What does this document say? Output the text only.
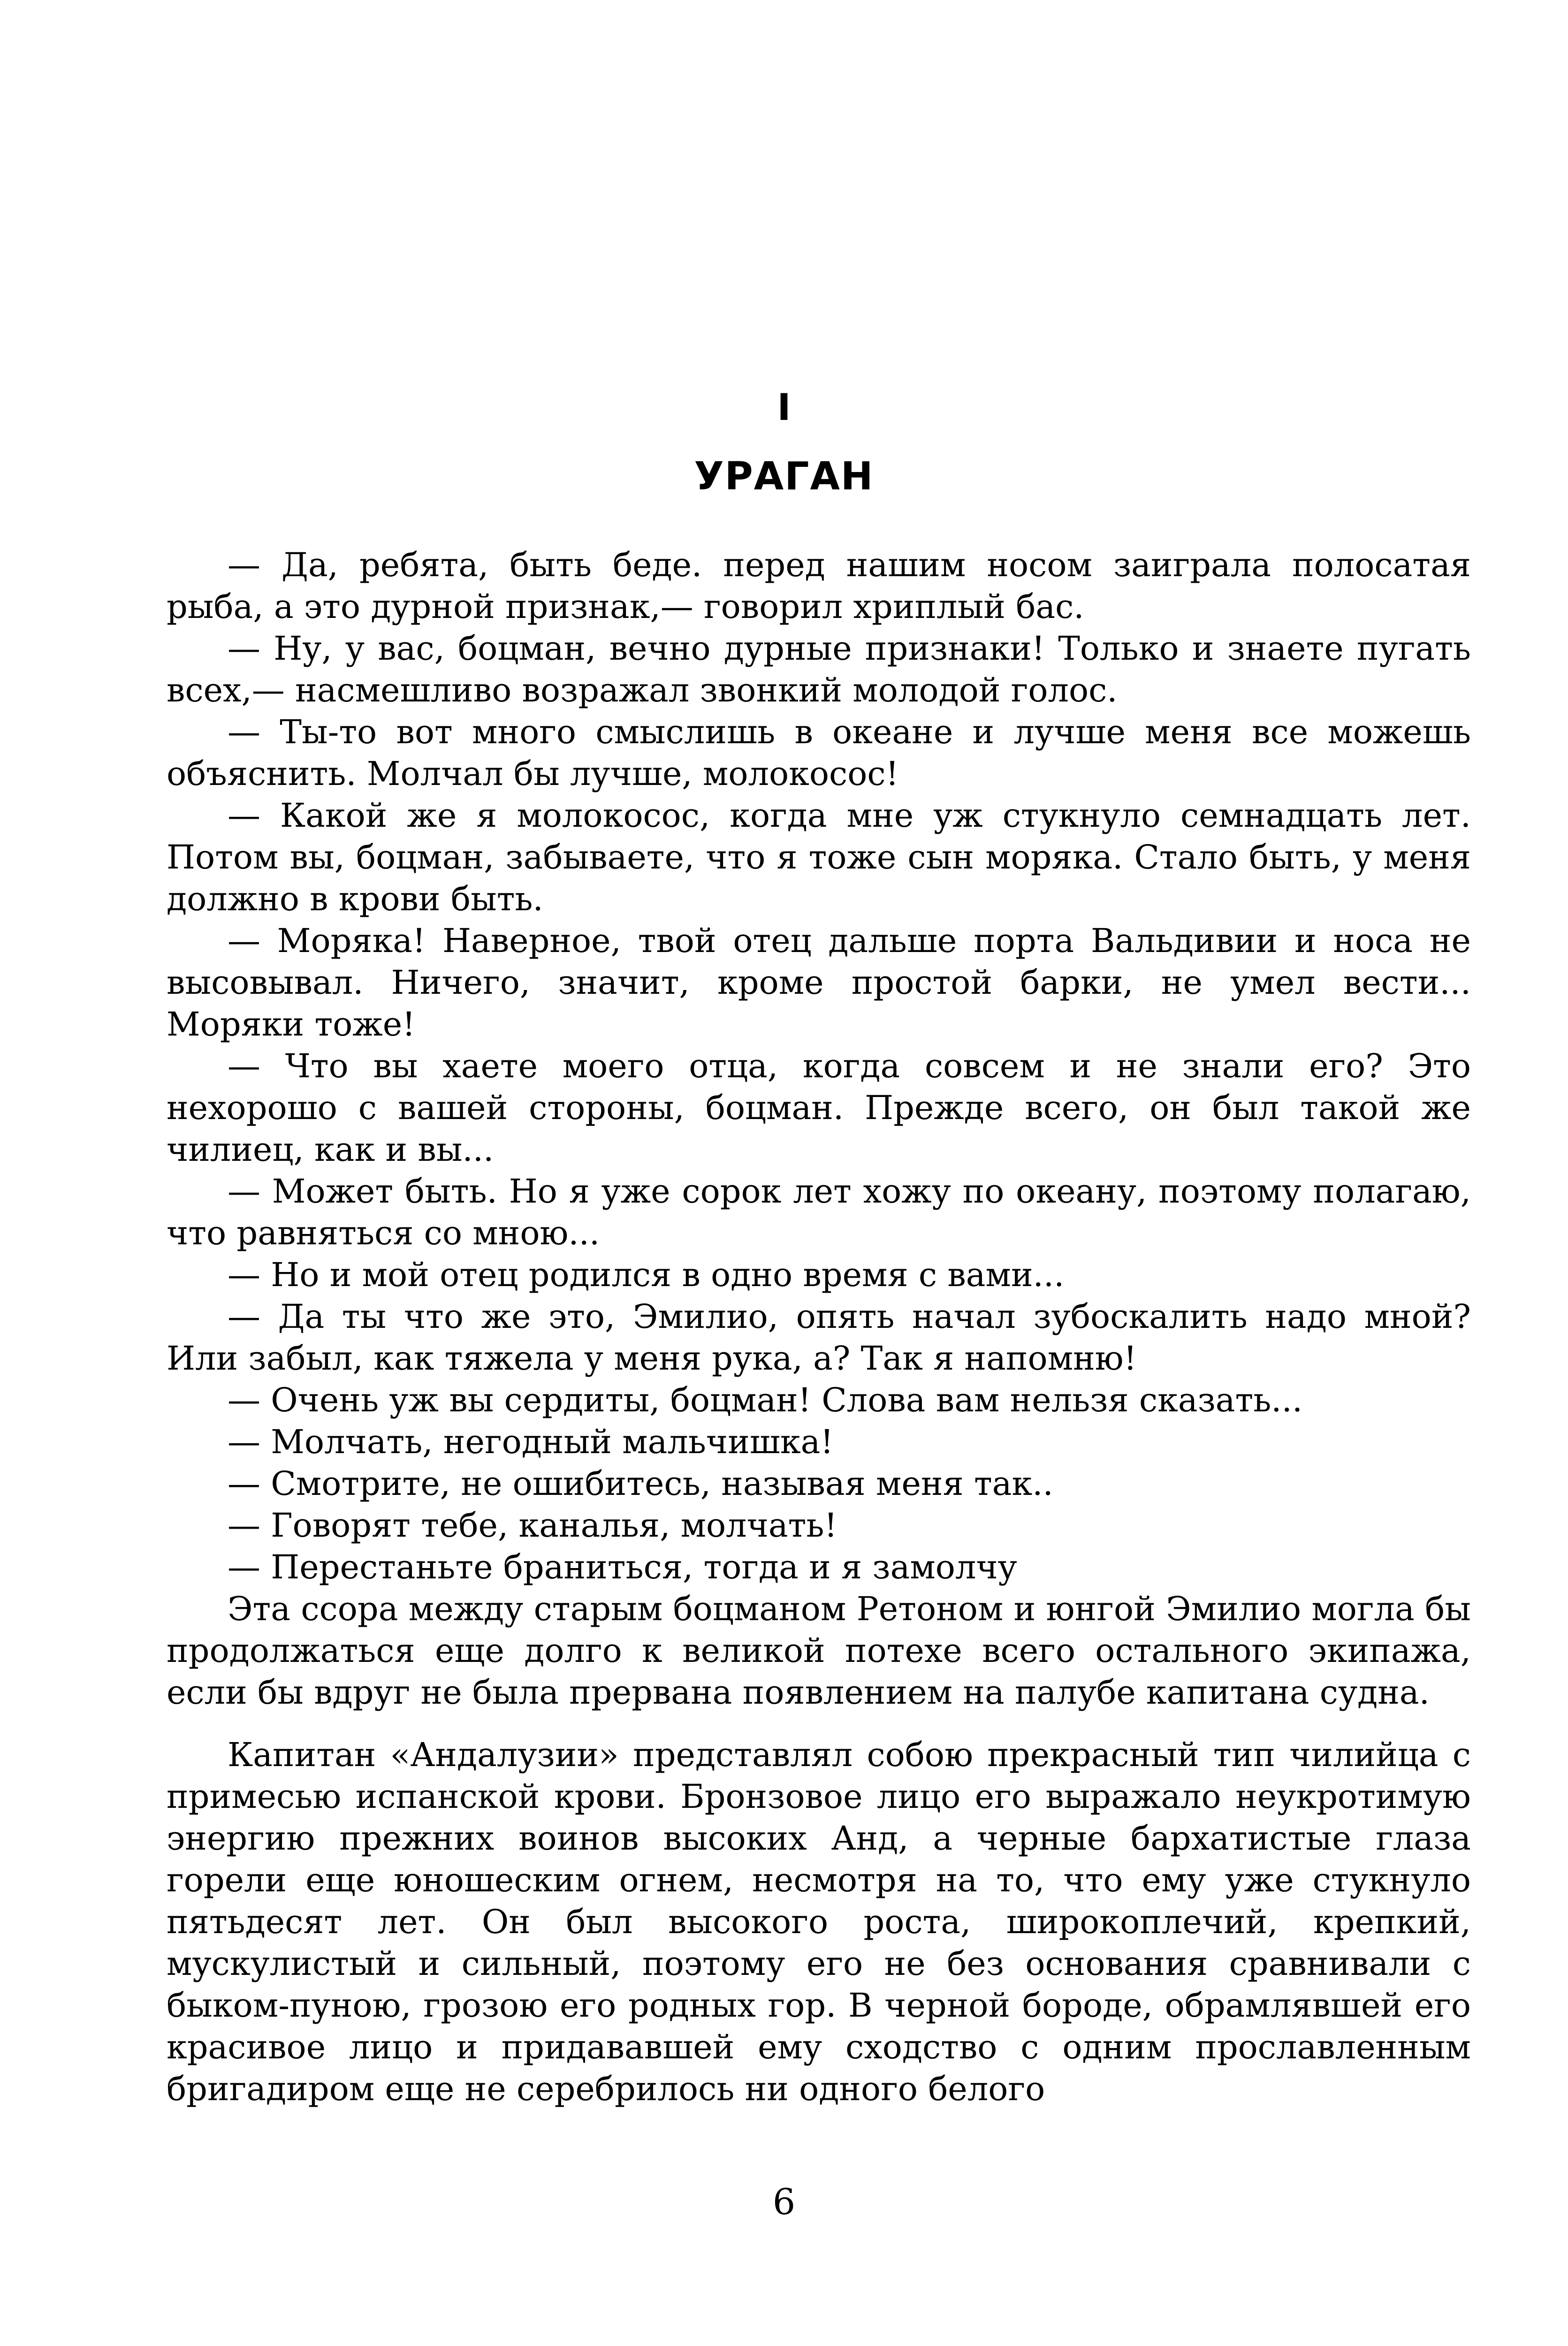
I
УРАГАН

— Да, ребята, быть беде. перед нашим носом заиграла полосатая рыба, а это дурной признак,— говорил хриплый бас.

— Ну, у вас, боцман, вечно дурные признаки! Только и знаете пугать всех,— насмешливо возражал звонкий молодой голос.

— Ты-то вот много смыслишь в океане и лучше меня все можешь объяснить. Молчал бы лучше, молокосос!

— Какой же я молокосос, когда мне уж стукнуло семнадцать лет. Потом вы, боцман, забываете, что я тоже сын моряка. Стало быть, у меня должно в крови быть.

— Моряка! Наверное, твой отец дальше порта Вальдивии и носа не высовывал. Ничего, значит, кроме простой барки, не умел вести... Моряки тоже!

— Что вы хаете моего отца, когда совсем и не знали его? Это нехорошо с вашей стороны, боцман. Прежде всего, он был такой же чилиец, как и вы...

— Может быть. Но я уже сорок лет хожу по океану, поэтому полагаю, что равняться со мною...

— Но и мой отец родился в одно время с вами...

— Да ты что же это, Эмилио, опять начал зубоскалить надо мной? Или забыл, как тяжела у меня рука, а? Так я напомню!

— Очень уж вы сердиты, боцман! Слова вам нельзя сказать...

— Молчать, негодный мальчишка!

— Смотрите, не ошибитесь, называя меня так..

— Говорят тебе, каналья, молчать!

— Перестаньте браниться, тогда и я замолчу

Эта ссора между старым боцманом Ретоном и юнгой Эмилио могла бы продолжаться еще долго к великой потехе всего остального экипажа, если бы вдруг не была прервана появлением на палубе капитана судна.

Капитан «Андалузии» представлял собою прекрасный тип чилийца с примесью испанской крови. Бронзовое лицо его выражало неукротимую энергию прежних воинов высоких Анд, а черные бархатистые глаза горели еще юношеским огнем, несмотря на то, что ему уже стукнуло пятьдесят лет. Он был высокого роста, широкоплечий, крепкий, мускулистый и сильный, поэтому его не без основания сравнивали с быком-пуною, грозою его родных гор. В черной бороде, обрамлявшей его красивое лицо и придававшей ему сходство с одним прославленным бригадиром еще не серебрилось ни одного белого

6
